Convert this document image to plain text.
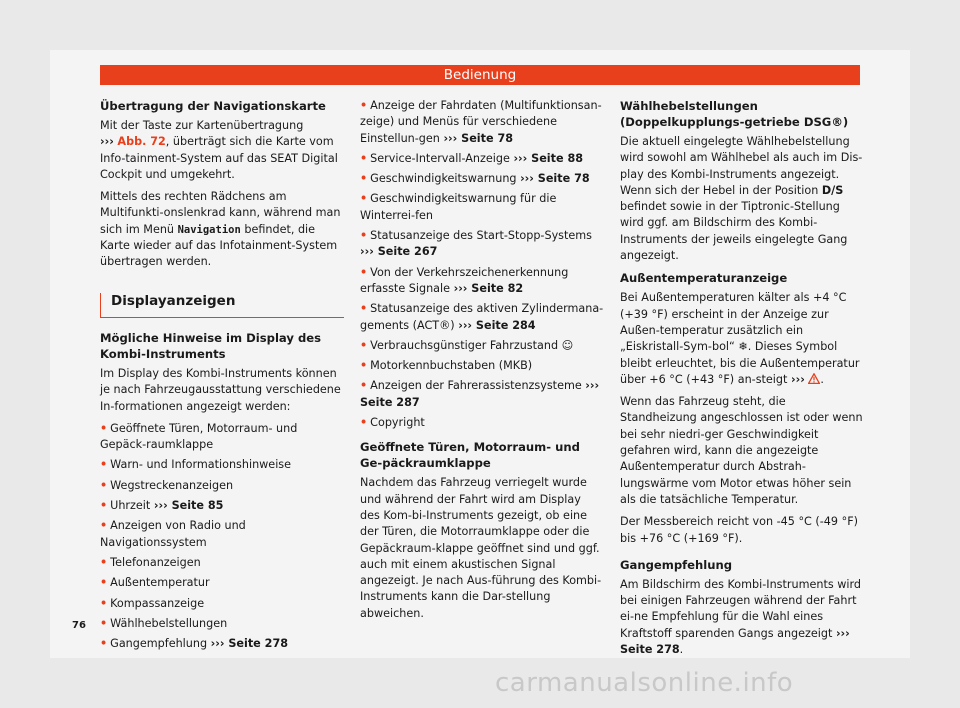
Bedienung
Übertragung der Navigationskarte

Mit der Taste zur Kartenübertragung
››› Abb. 72, überträgt sich die Karte vom Info-tainment-System auf das SEAT Digital Cockpit und umgekehrt.

Mittels des rechten Rädchens am Multifunkti-onslenkrad kann, während man sich im Menü Navigation befindet, die Karte wieder auf das Infotainment-System übertragen werden.

Displayanzeigen
Mögliche Hinweise im Display des Kombi-Instruments

Im Display des Kombi-Instruments können je nach Fahrzeugausstattung verschiedene In-formationen angezeigt werden:

• Geöffnete Türen, Motorraum- und Gepäck-raumklappe
• Warn- und Informationshinweise
• Wegstreckenanzeigen
• Uhrzeit ››› Seite 85
• Anzeigen von Radio und Navigationssystem
• Telefonanzeigen
• Außentemperatur
• Kompassanzeige
• Wählhebelstellungen
• Gangempfehlung ››› Seite 278
• Anzeige der Fahrdaten (Multifunktionsan-zeige) und Menüs für verschiedene Einstellun-gen ››› Seite 78
• Service-Intervall-Anzeige ››› Seite 88
• Geschwindigkeitswarnung ››› Seite 78
• Geschwindigkeitswarnung für die Winterrei-fen
• Statusanzeige des Start-Stopp-Systems ››› Seite 267
• Von der Verkehrszeichenerkennung erfasste Signale ››› Seite 82
• Statusanzeige des aktiven Zylindermana-gements (ACT®) ››› Seite 284
• Verbrauchsgünstiger Fahrzustand ☺
• Motorkennbuchstaben (MKB)
• Anzeigen der Fahrerassistenzsysteme ››› Seite 287
• Copyright
Geöffnete Türen, Motorraum- und Ge-päckraumklappe

Nachdem das Fahrzeug verriegelt wurde und während der Fahrt wird am Display des Kom-bi-Instruments gezeigt, ob eine der Türen, die Motorraumklappe oder die Gepäckraum-klappe geöffnet sind und ggf. auch mit einem akustischen Signal angezeigt. Je nach Aus-führung des Kombi-Instruments kann die Dar-stellung abweichen.

Wählhebelstellungen (Doppelkupplungs-getriebe DSG®)

Die aktuell eingelegte Wählhebelstellung wird sowohl am Wählhebel als auch im Dis-play des Kombi-Instruments angezeigt. Wenn sich der Hebel in der Position D/S befindet sowie in der Tiptronic-Stellung wird ggf. am Bildschirm des Kombi-Instruments der jeweils eingelegte Gang angezeigt.

Außentemperaturanzeige

Bei Außentemperaturen kälter als +4 °C (+39 °F) erscheint in der Anzeige zur Außen-temperatur zusätzlich ein „Eiskristall-Sym-bol“ ❄. Dieses Symbol bleibt erleuchtet, bis die Außentemperatur über +6 °C (+43 °F) an-steigt ››› .

Wenn das Fahrzeug steht, die Standheizung angeschlossen ist oder wenn bei sehr niedri-ger Geschwindigkeit gefahren wird, kann die angezeigte Außentemperatur durch Abstrah-lungswärme vom Motor etwas höher sein als die tatsächliche Temperatur.

Der Messbereich reicht von -45 °C (-49 °F) bis +76 °C (+169 °F).

Gangempfehlung

Am Bildschirm des Kombi-Instruments wird bei einigen Fahrzeugen während der Fahrt ei-ne Empfehlung für die Wahl eines Kraftstoff sparenden Gangs angezeigt ››› Seite 278.

76
carmanualsonline.info
